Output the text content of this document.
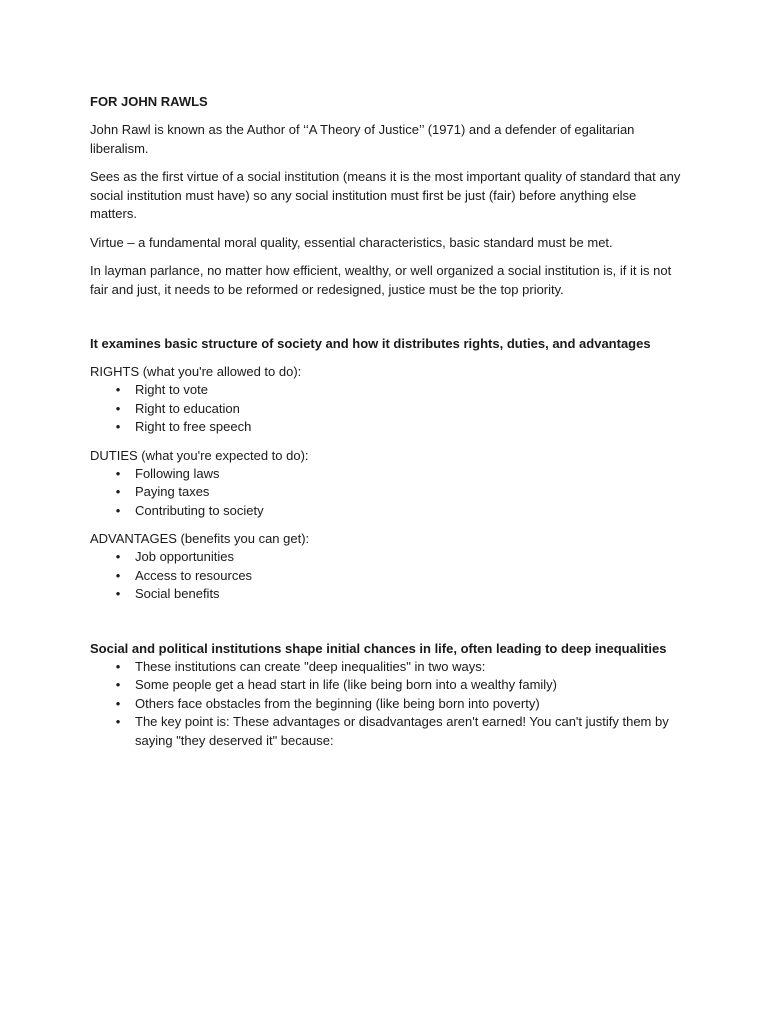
FOR JOHN RAWLS

John Rawl is known as the Author of ‘‘A Theory of Justice’’ (1971) and a defender of egalitarian liberalism.

Sees as the first virtue of a social institution (means it is the most important quality of standard that any social institution must have) so any social institution must first be just (fair) before anything else matters.

Virtue – a fundamental moral quality, essential characteristics, basic standard must be met.

In layman parlance, no matter how efficient, wealthy, or well organized a social institution is, if it is not fair and just, it needs to be reformed or redesigned, justice must be the top priority.

It examines basic structure of society and how it distributes rights, duties, and advantages

RIGHTS (what you're allowed to do):

• Right to vote
• Right to education
• Right to free speech

DUTIES (what you're expected to do):

• Following laws
• Paying taxes
• Contributing to society

ADVANTAGES (benefits you can get):

• Job opportunities
• Access to resources
• Social benefits

Social and political institutions shape initial chances in life, often leading to deep inequalities

• These institutions can create "deep inequalities" in two ways:
• Some people get a head start in life (like being born into a wealthy family)
• Others face obstacles from the beginning (like being born into poverty)
• The key point is: These advantages or disadvantages aren't earned! You can't justify them by saying "they deserved it" because:
